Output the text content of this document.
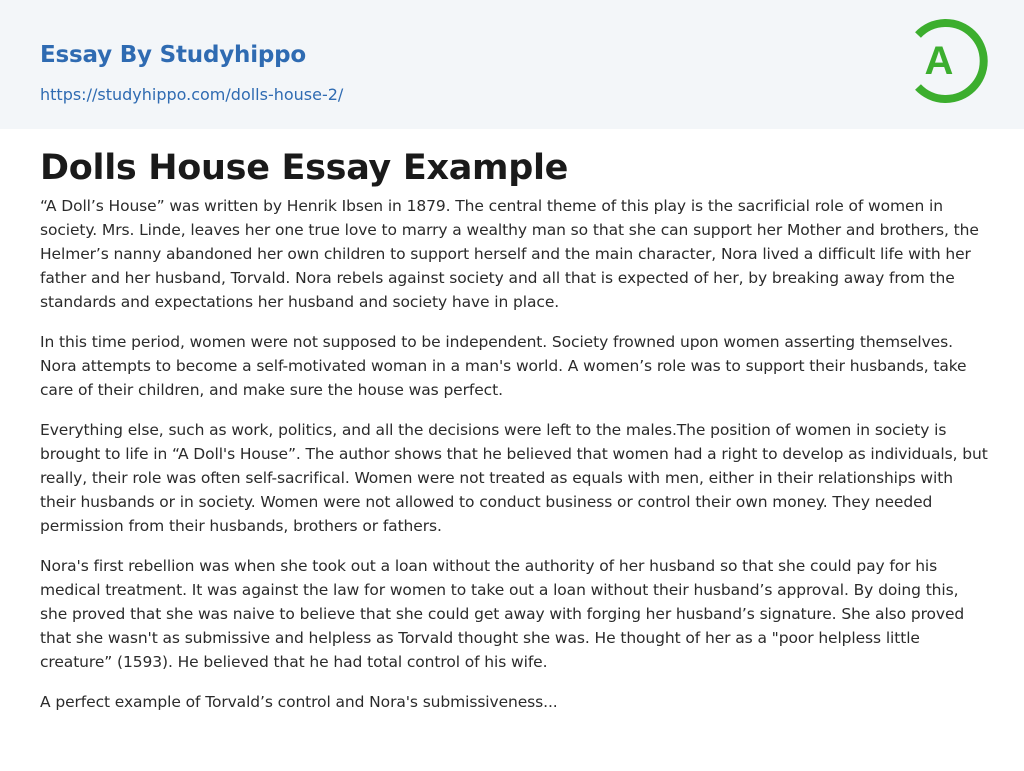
Essay By Studyhippo
https://studyhippo.com/dolls-house-2/
A
Dolls House Essay Example

“A Doll’s House” was written by Henrik Ibsen in 1879. The central theme of this play is the sacrificial role of women in society. Mrs. Linde, leaves her one true love to marry a wealthy man so that she can support her Mother and brothers, the Helmer’s nanny abandoned her own children to support herself and the main character, Nora lived a difficult life with her father and her husband, Torvald. Nora rebels against society and all that is expected of her, by breaking away from the standards and expectations her husband and society have in place.

In this time period, women were not supposed to be independent. Society frowned upon women asserting themselves. Nora attempts to become a self-motivated woman in a man's world. A women’s role was to support their husbands, take care of their children, and make sure the house was perfect.

Everything else, such as work, politics, and all the decisions were left to the males.The position of women in society is brought to life in “A Doll's House”. The author shows that he believed that women had a right to develop as individuals, but really, their role was often self-sacrifical. Women were not treated as equals with men, either in their relationships with their husbands or in society. Women were not allowed to conduct business or control their own money. They needed permission from their husbands, brothers or fathers.

Nora's first rebellion was when she took out a loan without the authority of her husband so that she could pay for his medical treatment. It was against the law for women to take out a loan without their husband’s approval. By doing this, she proved that she was naive to believe that she could get away with forging her husband’s signature. She also proved that she wasn't as submissive and helpless as Torvald thought she was. He thought of her as a "poor helpless little creature” (1593). He believed that he had total control of his wife.

A perfect example of Torvald’s control and Nora's submissiveness...
